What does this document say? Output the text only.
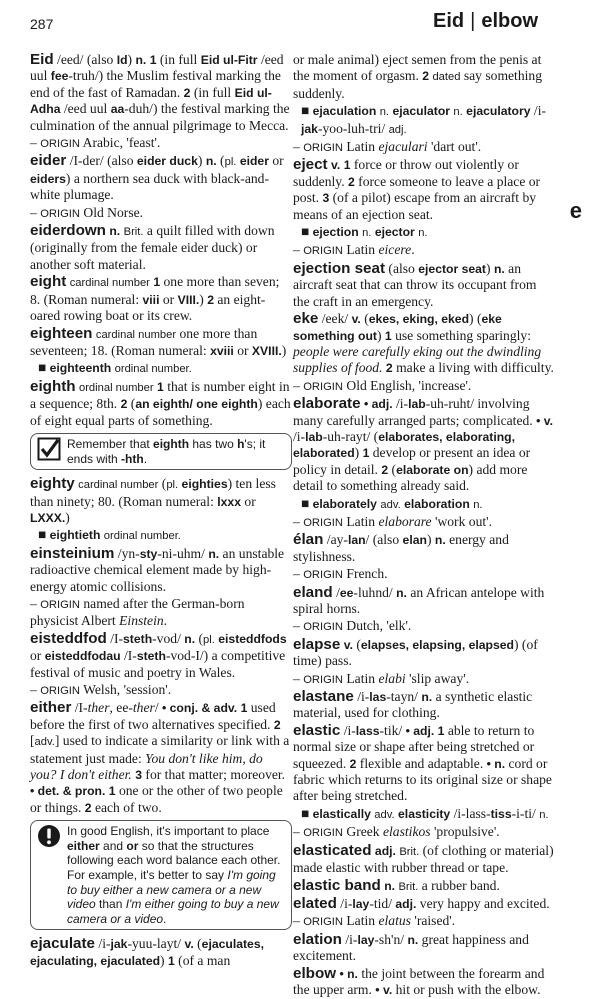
287	Eid | elbow
e
Eid /eed/ (also Id) n. 1 (in full Eid ul-Fitr /eed uul fee-truh/) the Muslim festival marking the end of the fast of Ramadan. 2 (in full Eid ul-Adha /eed uul aa-duh/) the festival marking the culmination of the annual pilgrimage to Mecca.
– ORIGIN Arabic, 'feast'.
eider /I-der/ (also eider duck) n. (pl. eider or eiders) a northern sea duck with black-and-white plumage.
– ORIGIN Old Norse.
eiderdown n. Brit. a quilt filled with down (originally from the female eider duck) or another soft material.
eight cardinal number 1 one more than seven; 8. (Roman numeral: viii or VIII.) 2 an eight-oared rowing boat or its crew.
eighteen cardinal number one more than seventeen; 18. (Roman numeral: xviii or XVIII.)
■ eighteenth ordinal number.
eighth ordinal number 1 that is number eight in a sequence; 8th. 2 (an eighth/ one eighth) each of eight equal parts of something.
Remember that eighth has two h's; it ends with -hth.
eighty cardinal number (pl. eighties) ten less than ninety; 80. (Roman numeral: lxxx or LXXX.)
■ eightieth ordinal number.
einsteinium /yn-sty-ni-uhm/ n. an unstable radioactive chemical element made by high-energy atomic collisions.
– ORIGIN named after the German-born physicist Albert Einstein.
eisteddfod /I-steth-vod/ n. (pl. eisteddfods or eisteddfodau /I-steth-vod-I/) a competitive festival of music and poetry in Wales.
– ORIGIN Welsh, 'session'.
either /I-ther, ee-ther/ • conj. & adv. 1 used before the first of two alternatives specified. 2 [adv.] used to indicate a similarity or link with a statement just made: You don't like him, do you? I don't either. 3 for that matter; moreover. • det. & pron. 1 one or the other of two people or things. 2 each of two.
In good English, it's important to place either and or so that the structures following each word balance each other. For example, it's better to say I'm going to buy either a new camera or a new video than I'm either going to buy a new camera or a video.
ejaculate /i-jak-yuu-layt/ v. (ejaculates, ejaculating, ejaculated) 1 (of a man
or male animal) eject semen from the penis at the moment of orgasm. 2 dated say something suddenly.
■ ejaculation n. ejaculator n. ejaculatory /i-jak-yoo-luh-tri/ adj.
– ORIGIN Latin ejaculari 'dart out'.
eject v. 1 force or throw out violently or suddenly. 2 force someone to leave a place or post. 3 (of a pilot) escape from an aircraft by means of an ejection seat.
■ ejection n. ejector n.
– ORIGIN Latin eicere.
ejection seat (also ejector seat) n. an aircraft seat that can throw its occupant from the craft in an emergency.
eke /eek/ v. (ekes, eking, eked) (eke something out) 1 use something sparingly: people were carefully eking out the dwindling supplies of food. 2 make a living with difficulty.
– ORIGIN Old English, 'increase'.
elaborate • adj. /i-lab-uh-ruht/ involving many carefully arranged parts; complicated. • v. /i-lab-uh-rayt/ (elaborates, elaborating, elaborated) 1 develop or present an idea or policy in detail. 2 (elaborate on) add more detail to something already said.
■ elaborately adv. elaboration n.
– ORIGIN Latin elaborare 'work out'.
élan /ay-lan/ (also elan) n. energy and stylishness.
– ORIGIN French.
eland /ee-luhnd/ n. an African antelope with spiral horns.
– ORIGIN Dutch, 'elk'.
elapse v. (elapses, elapsing, elapsed) (of time) pass.
– ORIGIN Latin elabi 'slip away'.
elastane /i-las-tayn/ n. a synthetic elastic material, used for clothing.
elastic /i-lass-tik/ • adj. 1 able to return to normal size or shape after being stretched or squeezed. 2 flexible and adaptable. • n. cord or fabric which returns to its original size or shape after being stretched.
■ elastically adv. elasticity /i-lass-tiss-i-ti/ n.
– ORIGIN Greek elastikos 'propulsive'.
elasticated adj. Brit. (of clothing or material) made elastic with rubber thread or tape.
elastic band n. Brit. a rubber band.
elated /i-lay-tid/ adj. very happy and excited.
– ORIGIN Latin elatus 'raised'.
elation /i-lay-sh'n/ n. great happiness and excitement.
elbow • n. the joint between the forearm and the upper arm. • v. hit or push with the elbow.
